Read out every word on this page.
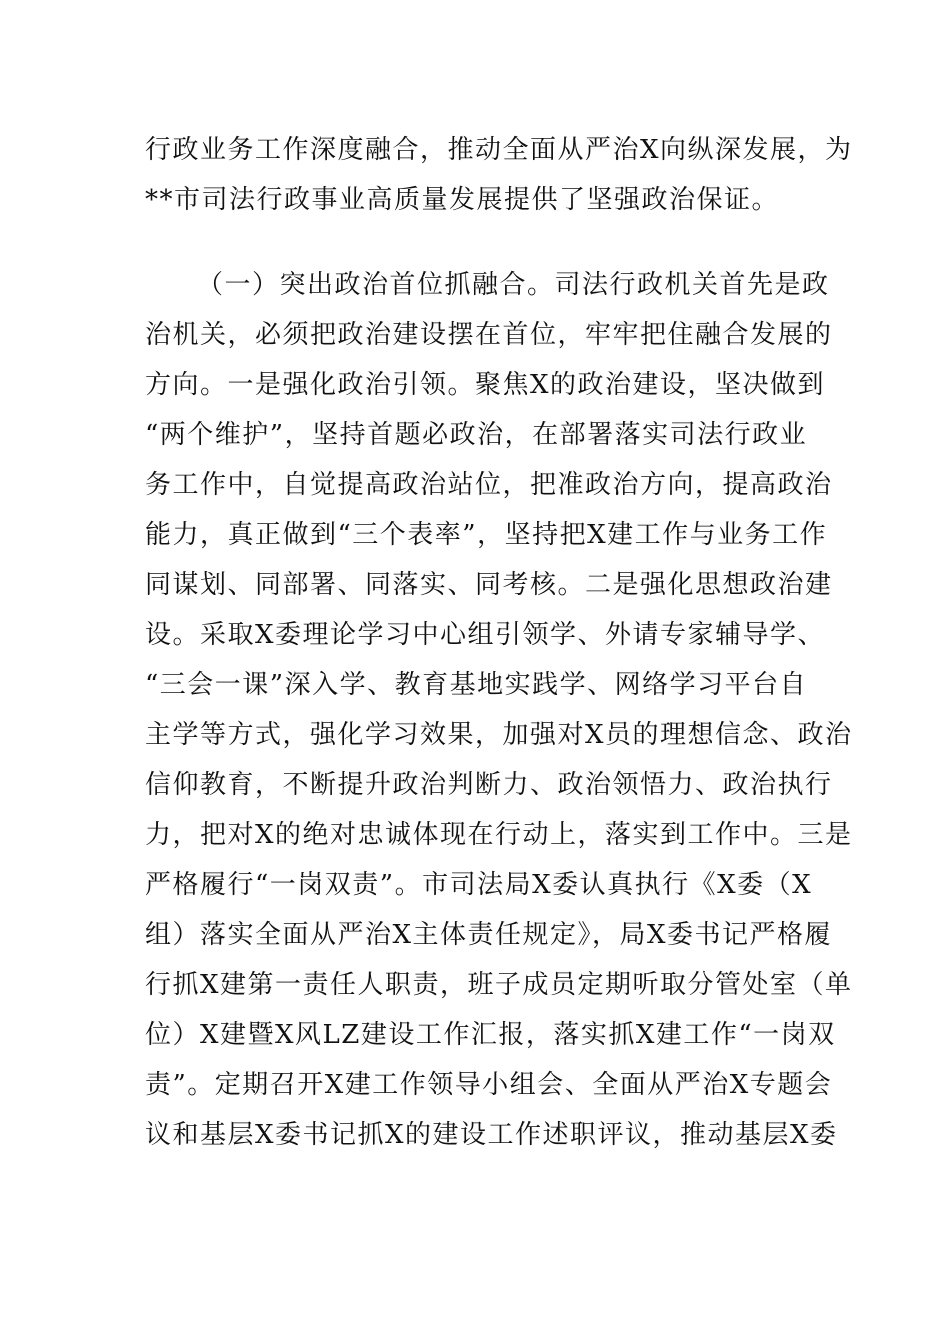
行政业务工作深度融合，推动全面从严治X向纵深发展，为
**市司法行政事业高质量发展提供了坚强政治保证。
（一）突出政治首位抓融合。司法行政机关首先是政
治机关，必须把政治建设摆在首位，牢牢把住融合发展的
方向。一是强化政治引领。聚焦X的政治建设，坚决做到
“两个维护”，坚持首题必政治，在部署落实司法行政业
务工作中，自觉提高政治站位，把准政治方向，提高政治
能力，真正做到“三个表率”，坚持把X建工作与业务工作
同谋划、同部署、同落实、同考核。二是强化思想政治建
设。采取X委理论学习中心组引领学、外请专家辅导学、
“三会一课”深入学、教育基地实践学、网络学习平台自
主学等方式，强化学习效果，加强对X员的理想信念、政治
信仰教育，不断提升政治判断力、政治领悟力、政治执行
力，把对X的绝对忠诚体现在行动上，落实到工作中。三是
严格履行“一岗双责”。市司法局X委认真执行《X委（X
组）落实全面从严治X主体责任规定》，局X委书记严格履
行抓X建第一责任人职责，班子成员定期听取分管处室（单
位）X建暨X风LZ建设工作汇报，落实抓X建工作“一岗双
责”。定期召开X建工作领导小组会、全面从严治X专题会
议和基层X委书记抓X的建设工作述职评议，推动基层X委
